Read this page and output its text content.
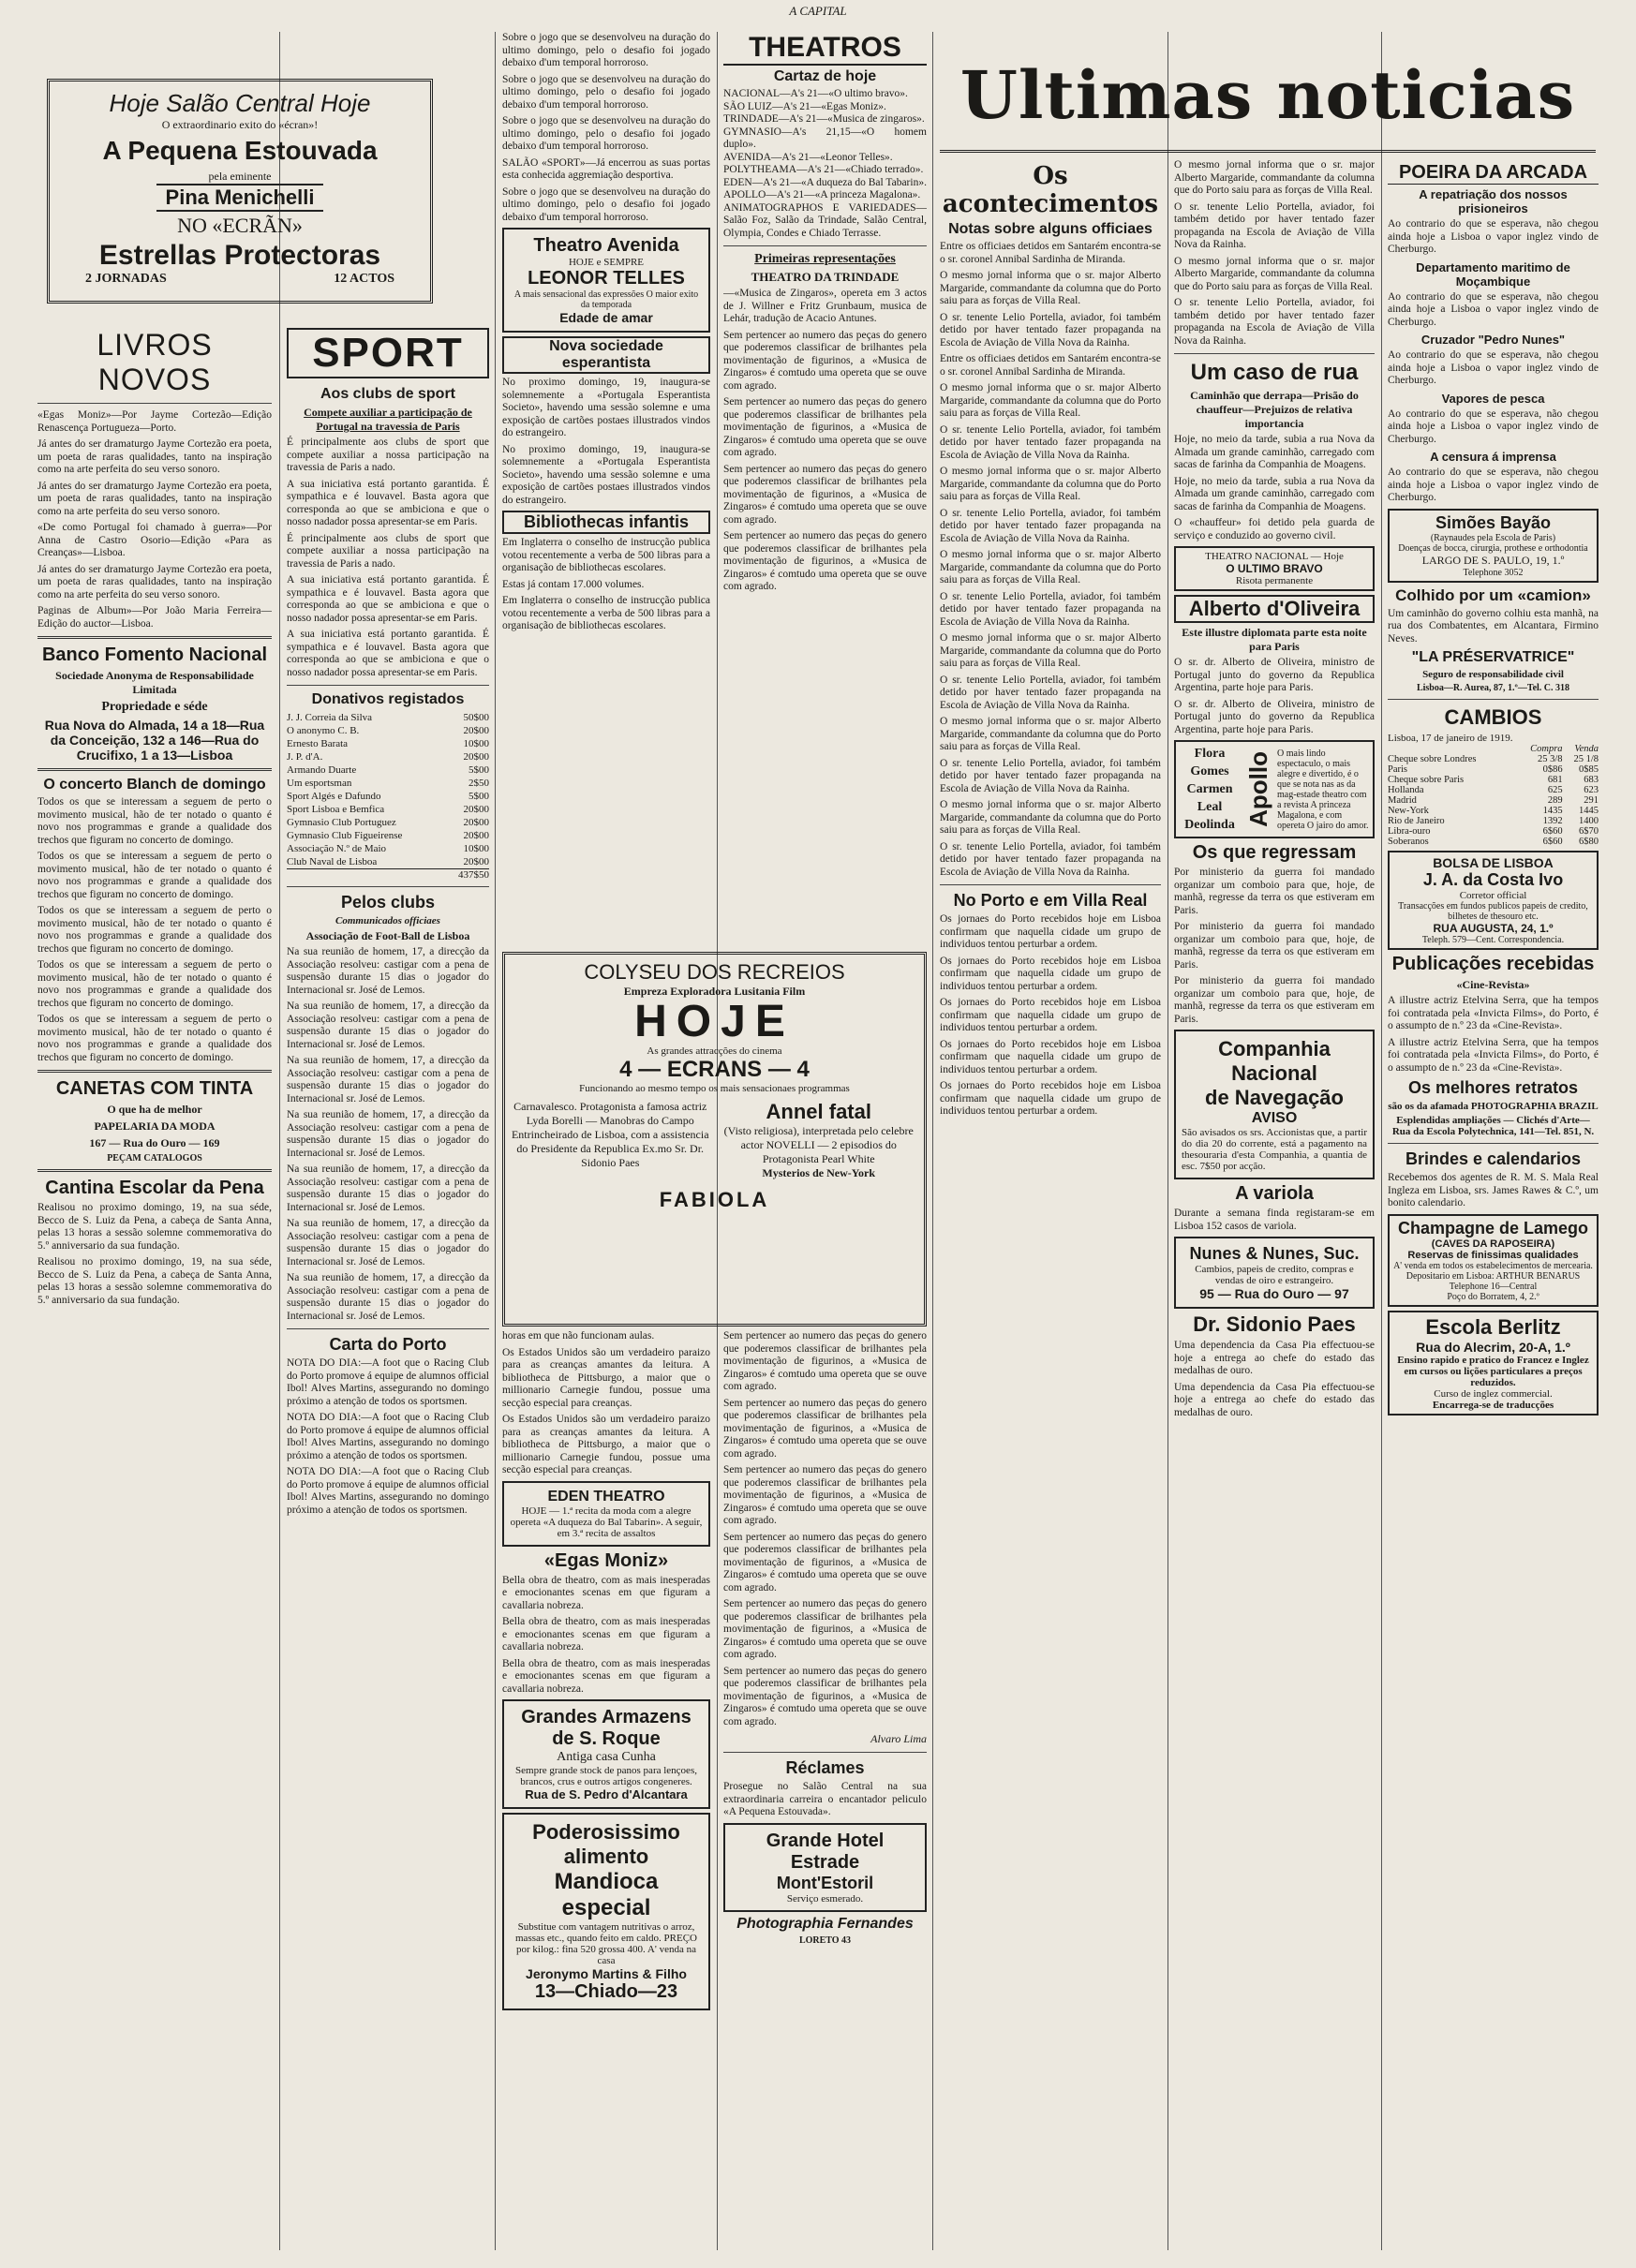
A CAPITAL
Hoje Salão Central Hoje
O extraordinario exito do «écran»!
A Pequena Estouvada
pela eminente
Pina Menichelli
NO «ECRÃN»
Estrellas Protectoras
2 JORNADAS	12 ACTOS
LIVROS NOVOS

«Egas Moniz»—Por Jayme Cortezão—Edição Renascença Portugueza—Porto.

Já antes do ser dramaturgo Jayme Cortezão era poeta, um poeta de raras qualidades, tanto na inspiração como na arte perfeita do seu verso sonoro.

Já antes do ser dramaturgo Jayme Cortezão era poeta, um poeta de raras qualidades, tanto na inspiração como na arte perfeita do seu verso sonoro.

«De como Portugal foi chamado à guerra»—Por Anna de Castro Osorio—Edição «Para as Creanças»—Lisboa.

Já antes do ser dramaturgo Jayme Cortezão era poeta, um poeta de raras qualidades, tanto na inspiração como na arte perfeita do seu verso sonoro.

Paginas de Album»—Por João Maria Ferreira—Edição do auctor—Lisboa.

Banco Fomento Nacional
Sociedade Anonyma de Responsabilidade Limitada
Propriedade e séde
Rua Nova do Almada, 14 a 18—Rua da Conceição, 132 a 146—Rua do Crucifixo, 1 a 13—Lisboa
O concerto Blanch de domingo

Todos os que se interessam a seguem de perto o movimento musical, hão de ter notado o quanto é novo nos programmas e grande a qualidade dos trechos que figuram no concerto de domingo.

Todos os que se interessam a seguem de perto o movimento musical, hão de ter notado o quanto é novo nos programmas e grande a qualidade dos trechos que figuram no concerto de domingo.

Todos os que se interessam a seguem de perto o movimento musical, hão de ter notado o quanto é novo nos programmas e grande a qualidade dos trechos que figuram no concerto de domingo.

Todos os que se interessam a seguem de perto o movimento musical, hão de ter notado o quanto é novo nos programmas e grande a qualidade dos trechos que figuram no concerto de domingo.

Todos os que se interessam a seguem de perto o movimento musical, hão de ter notado o quanto é novo nos programmas e grande a qualidade dos trechos que figuram no concerto de domingo.

CANETAS COM TINTA
O que ha de melhor
PAPELARIA DA MODA
167 — Rua do Ouro — 169
PEÇAM CATALOGOS
Cantina Escolar da Pena

Realisou no proximo domingo, 19, na sua séde, Becco de S. Luiz da Pena, a cabeça de Santa Anna, pelas 13 horas a sessão solemne commemorativa do 5.º anniversario da sua fundação.

Realisou no proximo domingo, 19, na sua séde, Becco de S. Luiz da Pena, a cabeça de Santa Anna, pelas 13 horas a sessão solemne commemorativa do 5.º anniversario da sua fundação.

SPORT
Aos clubs de sport
Compete auxiliar a participação de Portugal na travessia de Paris

É principalmente aos clubs de sport que compete auxiliar a nossa participação na travessia de Paris a nado.

A sua iniciativa está portanto garantida. É sympathica e é louvavel. Basta agora que corresponda ao que se ambiciona e que o nosso nadador possa apresentar-se em Paris.

É principalmente aos clubs de sport que compete auxiliar a nossa participação na travessia de Paris a nado.

A sua iniciativa está portanto garantida. É sympathica e é louvavel. Basta agora que corresponda ao que se ambiciona e que o nosso nadador possa apresentar-se em Paris.

A sua iniciativa está portanto garantida. É sympathica e é louvavel. Basta agora que corresponda ao que se ambiciona e que o nosso nadador possa apresentar-se em Paris.

Donativos registados
J. J. Correia da Silva	50$00
O anonymo C. B.	20$00
Ernesto Barata	10$00
J. P. d'A.	20$00
Armando Duarte	5$00
Um esportsman	2$50
Sport Algés e Dafundo	5$00
Sport Lisboa e Bemfica	20$00
Gymnasio Club Portuguez	20$00
Gymnasio Club Figueirense	20$00
Associação N.º de Maio	10$00
Club Naval de Lisboa	20$00
437$50
Pelos clubs
Communicados officiaes
Associação de Foot-Ball de Lisboa

Na sua reunião de homem, 17, a direcção da Associação resolveu: castigar com a pena de suspensão durante 15 dias o jogador do Internacional sr. José de Lemos.

Na sua reunião de homem, 17, a direcção da Associação resolveu: castigar com a pena de suspensão durante 15 dias o jogador do Internacional sr. José de Lemos.

Na sua reunião de homem, 17, a direcção da Associação resolveu: castigar com a pena de suspensão durante 15 dias o jogador do Internacional sr. José de Lemos.

Na sua reunião de homem, 17, a direcção da Associação resolveu: castigar com a pena de suspensão durante 15 dias o jogador do Internacional sr. José de Lemos.

Na sua reunião de homem, 17, a direcção da Associação resolveu: castigar com a pena de suspensão durante 15 dias o jogador do Internacional sr. José de Lemos.

Na sua reunião de homem, 17, a direcção da Associação resolveu: castigar com a pena de suspensão durante 15 dias o jogador do Internacional sr. José de Lemos.

Na sua reunião de homem, 17, a direcção da Associação resolveu: castigar com a pena de suspensão durante 15 dias o jogador do Internacional sr. José de Lemos.

Carta do Porto

NOTA DO DIA:—A foot que o Racing Club do Porto promove á equipe de alumnos official Ibol! Alves Martins, assegurando no domingo próximo a atenção de todos os sportsmen.

NOTA DO DIA:—A foot que o Racing Club do Porto promove á equipe de alumnos official Ibol! Alves Martins, assegurando no domingo próximo a atenção de todos os sportsmen.

NOTA DO DIA:—A foot que o Racing Club do Porto promove á equipe de alumnos official Ibol! Alves Martins, assegurando no domingo próximo a atenção de todos os sportsmen.

Sobre o jogo que se desenvolveu na duração do ultimo domingo, pelo o desafio foi jogado debaixo d'um temporal horroroso.

Sobre o jogo que se desenvolveu na duração do ultimo domingo, pelo o desafio foi jogado debaixo d'um temporal horroroso.

Sobre o jogo que se desenvolveu na duração do ultimo domingo, pelo o desafio foi jogado debaixo d'um temporal horroroso.

SALÃO «SPORT»—Já encerrou as suas portas esta conhecida aggremiação desportiva.

Sobre o jogo que se desenvolveu na duração do ultimo domingo, pelo o desafio foi jogado debaixo d'um temporal horroroso.

Theatro Avenida
HOJE e SEMPRE
LEONOR TELLES
A mais sensacional das expressões O maior exito da temporada
Edade de amar
Nova sociedade esperantista

No proximo domingo, 19, inaugura-se solemnemente a «Portugala Esperantista Societo», havendo uma sessão solemne e uma exposição de cartões postaes illustrados vindos do estrangeiro.

No proximo domingo, 19, inaugura-se solemnemente a «Portugala Esperantista Societo», havendo uma sessão solemne e uma exposição de cartões postaes illustrados vindos do estrangeiro.

Bibliothecas infantis

Em Inglaterra o conselho de instrucção publica votou recentemente a verba de 500 libras para a organisação de bibliothecas escolares.

Estas já contam 17.000 volumes.

Em Inglaterra o conselho de instrucção publica votou recentemente a verba de 500 libras para a organisação de bibliothecas escolares.

COLYSEU DOS RECREIOS
Empreza Exploradora Lusitania Film
HOJE
As grandes attracções do cinema
4 — ECRANS — 4
Funcionando ao mesmo tempo os mais sensacionaes programmas
Carnavalesco. Protagonista a famosa actriz Lyda Borelli — Manobras do Campo Entrincheirado de Lisboa, com a assistencia do Presidente da Republica Ex.mo Sr. Dr. Sidonio Paes
Annel fatal
(Visto religiosa), interpretada pelo celebre actor NOVELLI — 2 episodios do Protagonista Pearl White
Mysterios de New-York
FABIOLA

horas em que não funcionam aulas.

Os Estados Unidos são um verdadeiro paraizo para as creanças amantes da leitura. A bibliotheca de Pittsburgo, a maior que o millionario Carnegie fundou, possue uma secção especial para creanças.

Os Estados Unidos são um verdadeiro paraizo para as creanças amantes da leitura. A bibliotheca de Pittsburgo, a maior que o millionario Carnegie fundou, possue uma secção especial para creanças.

EDEN THEATRO
HOJE — 1.ª recita da moda com a alegre opereta «A duqueza do Bal Tabarin». A seguir, em 3.ª recita de assaltos
«Egas Moniz»

Bella obra de theatro, com as mais inesperadas e emocionantes scenas em que figuram a cavallaria nobreza.

Bella obra de theatro, com as mais inesperadas e emocionantes scenas em que figuram a cavallaria nobreza.

Bella obra de theatro, com as mais inesperadas e emocionantes scenas em que figuram a cavallaria nobreza.

Grandes Armazens de S. Roque
Antiga casa Cunha
Sempre grande stock de panos para lençoes, brancos, crus e outros artigos congeneres.
Rua de S. Pedro d'Alcantara
Poderosissimo
alimento
Mandioca especial
Substitue com vantagem nutritivas o arroz, massas etc., quando feito em caldo. PREÇO por kilog.: fina 520 grossa 400. A' venda na casa
Jeronymo Martins & Filho
13—Chiado—23
THEATROS
Cartaz de hoje

NACIONAL—A's 21—«O ultimo bravo».

SÃO LUIZ—A's 21—«Egas Moniz».

TRINDADE—A's 21—«Musica de zingaros».

GYMNASIO—A's 21,15—«O homem duplo».

AVENIDA—A's 21—«Leonor Telles».

POLYTHEAMA—A's 21—«Chiado terrado».

EDEN—A's 21—«A duqueza do Bal Tabarin».

APOLLO—A's 21—«A princeza Magalona».

ANIMATOGRAPHOS E VARIEDADES—Salão Foz, Salão da Trindade, Salão Central, Olympia, Condes e Chiado Terrasse.

Primeiras representações
THEATRO DA TRINDADE

—«Musica de Zingaros», opereta em 3 actos de J. Willner e Fritz Grunbaum, musica de Lehár, tradução de Acacio Antunes.

Sem pertencer ao numero das peças do genero que poderemos classificar de brilhantes pela movimentação de figurinos, a «Musica de Zingaros» é comtudo uma opereta que se ouve com agrado.

Sem pertencer ao numero das peças do genero que poderemos classificar de brilhantes pela movimentação de figurinos, a «Musica de Zingaros» é comtudo uma opereta que se ouve com agrado.

Sem pertencer ao numero das peças do genero que poderemos classificar de brilhantes pela movimentação de figurinos, a «Musica de Zingaros» é comtudo uma opereta que se ouve com agrado.

Sem pertencer ao numero das peças do genero que poderemos classificar de brilhantes pela movimentação de figurinos, a «Musica de Zingaros» é comtudo uma opereta que se ouve com agrado.

Sem pertencer ao numero das peças do genero que poderemos classificar de brilhantes pela movimentação de figurinos, a «Musica de Zingaros» é comtudo uma opereta que se ouve com agrado.

Sem pertencer ao numero das peças do genero que poderemos classificar de brilhantes pela movimentação de figurinos, a «Musica de Zingaros» é comtudo uma opereta que se ouve com agrado.

Sem pertencer ao numero das peças do genero que poderemos classificar de brilhantes pela movimentação de figurinos, a «Musica de Zingaros» é comtudo uma opereta que se ouve com agrado.

Sem pertencer ao numero das peças do genero que poderemos classificar de brilhantes pela movimentação de figurinos, a «Musica de Zingaros» é comtudo uma opereta que se ouve com agrado.

Sem pertencer ao numero das peças do genero que poderemos classificar de brilhantes pela movimentação de figurinos, a «Musica de Zingaros» é comtudo uma opereta que se ouve com agrado.

Sem pertencer ao numero das peças do genero que poderemos classificar de brilhantes pela movimentação de figurinos, a «Musica de Zingaros» é comtudo uma opereta que se ouve com agrado.

Alvaro Lima
Réclames

Prosegue no Salão Central na sua extraordinaria carreira o encantador peliculo «A Pequena Estouvada».

Grande Hotel Estrade
Mont'Estoril
Serviço esmerado.
Photographia Fernandes
LORETO 43
Ultimas noticias
Os acontecimentos
Notas sobre alguns officiaes

Entre os officiaes detidos em Santarém encontra-se o sr. coronel Annibal Sardinha de Miranda.

O mesmo jornal informa que o sr. major Alberto Margaride, commandante da columna que do Porto saiu para as forças de Villa Real.

O sr. tenente Lelio Portella, aviador, foi também detido por haver tentado fazer propaganda na Escola de Aviação de Villa Nova da Rainha.

Entre os officiaes detidos em Santarém encontra-se o sr. coronel Annibal Sardinha de Miranda.

O mesmo jornal informa que o sr. major Alberto Margaride, commandante da columna que do Porto saiu para as forças de Villa Real.

O sr. tenente Lelio Portella, aviador, foi também detido por haver tentado fazer propaganda na Escola de Aviação de Villa Nova da Rainha.

O mesmo jornal informa que o sr. major Alberto Margaride, commandante da columna que do Porto saiu para as forças de Villa Real.

O sr. tenente Lelio Portella, aviador, foi também detido por haver tentado fazer propaganda na Escola de Aviação de Villa Nova da Rainha.

O mesmo jornal informa que o sr. major Alberto Margaride, commandante da columna que do Porto saiu para as forças de Villa Real.

O sr. tenente Lelio Portella, aviador, foi também detido por haver tentado fazer propaganda na Escola de Aviação de Villa Nova da Rainha.

O mesmo jornal informa que o sr. major Alberto Margaride, commandante da columna que do Porto saiu para as forças de Villa Real.

O sr. tenente Lelio Portella, aviador, foi também detido por haver tentado fazer propaganda na Escola de Aviação de Villa Nova da Rainha.

O mesmo jornal informa que o sr. major Alberto Margaride, commandante da columna que do Porto saiu para as forças de Villa Real.

O sr. tenente Lelio Portella, aviador, foi também detido por haver tentado fazer propaganda na Escola de Aviação de Villa Nova da Rainha.

O mesmo jornal informa que o sr. major Alberto Margaride, commandante da columna que do Porto saiu para as forças de Villa Real.

O sr. tenente Lelio Portella, aviador, foi também detido por haver tentado fazer propaganda na Escola de Aviação de Villa Nova da Rainha.

No Porto e em Villa Real

Os jornaes do Porto recebidos hoje em Lisboa confirmam que naquella cidade um grupo de individuos tentou perturbar a ordem.

Os jornaes do Porto recebidos hoje em Lisboa confirmam que naquella cidade um grupo de individuos tentou perturbar a ordem.

Os jornaes do Porto recebidos hoje em Lisboa confirmam que naquella cidade um grupo de individuos tentou perturbar a ordem.

Os jornaes do Porto recebidos hoje em Lisboa confirmam que naquella cidade um grupo de individuos tentou perturbar a ordem.

Os jornaes do Porto recebidos hoje em Lisboa confirmam que naquella cidade um grupo de individuos tentou perturbar a ordem.

O mesmo jornal informa que o sr. major Alberto Margaride, commandante da columna que do Porto saiu para as forças de Villa Real.

O sr. tenente Lelio Portella, aviador, foi também detido por haver tentado fazer propaganda na Escola de Aviação de Villa Nova da Rainha.

O mesmo jornal informa que o sr. major Alberto Margaride, commandante da columna que do Porto saiu para as forças de Villa Real.

O sr. tenente Lelio Portella, aviador, foi também detido por haver tentado fazer propaganda na Escola de Aviação de Villa Nova da Rainha.

Um caso de rua
Caminhão que derrapa—Prisão do chauffeur—Prejuizos de relativa importancia

Hoje, no meio da tarde, subia a rua Nova da Almada um grande caminhão, carregado com sacas de farinha da Companhia de Moagens.

Hoje, no meio da tarde, subia a rua Nova da Almada um grande caminhão, carregado com sacas de farinha da Companhia de Moagens.

O «chauffeur» foi detido pela guarda de serviço e conduzido ao governo civil.

THEATRO NACIONAL — Hoje
O ULTIMO BRAVO
Risota permanente
Alberto d'Oliveira
Este illustre diplomata parte esta noite para Paris

O sr. dr. Alberto de Oliveira, ministro de Portugal junto do governo da Republica Argentina, parte hoje para Paris.

O sr. dr. Alberto de Oliveira, ministro de Portugal junto do governo da Republica Argentina, parte hoje para Paris.

Flora
Gomes
Carmen
Leal
Deolinda Apollo O mais lindo espectaculo, o mais alegre e divertido, é o que se nota nas as da mag-estade theatro com a revista A princeza Magalona, e com opereta O jairo do amor.
Os que regressam

Por ministerio da guerra foi mandado organizar um comboio para que, hoje, de manhã, regresse da terra os que estiveram em Paris.

Por ministerio da guerra foi mandado organizar um comboio para que, hoje, de manhã, regresse da terra os que estiveram em Paris.

Por ministerio da guerra foi mandado organizar um comboio para que, hoje, de manhã, regresse da terra os que estiveram em Paris.

Companhia Nacional
de Navegação
AVISO
São avisados os srs. Accionistas que, a partir do dia 20 do corrente, está a pagamento na thesouraria d'esta Companhia, a quantia de esc. 7$50 por acção.
A variola

Durante a semana finda registaram-se em Lisboa 152 casos de variola.

Nunes & Nunes, Suc.
Cambios, papeis de credito, compras e vendas de oiro e estrangeiro.
95 — Rua do Ouro — 97
Dr. Sidonio Paes

Uma dependencia da Casa Pia effectuou-se hoje a entrega ao chefe do estado das medalhas de ouro.

Uma dependencia da Casa Pia effectuou-se hoje a entrega ao chefe do estado das medalhas de ouro.

POEIRA DA ARCADA
A repatriação dos nossos prisioneiros

Ao contrario do que se esperava, não chegou ainda hoje a Lisboa o vapor inglez vindo de Cherburgo.

Departamento maritimo de Moçambique

Ao contrario do que se esperava, não chegou ainda hoje a Lisboa o vapor inglez vindo de Cherburgo.

Cruzador "Pedro Nunes"

Ao contrario do que se esperava, não chegou ainda hoje a Lisboa o vapor inglez vindo de Cherburgo.

Vapores de pesca

Ao contrario do que se esperava, não chegou ainda hoje a Lisboa o vapor inglez vindo de Cherburgo.

A censura á imprensa

Ao contrario do que se esperava, não chegou ainda hoje a Lisboa o vapor inglez vindo de Cherburgo.

Simões Bayão
(Raynaudes pela Escola de Paris)
Doenças de bocca, cirurgia, prothese e orthodontia
LARGO DE S. PAULO, 19, 1.º
Telephone 3052
Colhido por um «camion»

Um caminhão do governo colhiu esta manhã, na rua dos Combatentes, em Alcantara, Firmino Neves.

"LA PRÉSERVATRICE"
Seguro de responsabilidade civil
Lisboa—R. Aurea, 87, 1.º—Tel. C. 318
CAMBIOS
Lisboa, 17 de janeiro de 1919.
	Compra	Venda
Cheque sobre Londres	25 3/8	25 1/8
Paris	0$86	0$85
Cheque sobre Paris	681	683
Hollanda	625	623
Madrid	289	291
New-York	1435	1445
Rio de Janeiro	1392	1400
Libra-ouro	6$60	6$70
Soberanos	6$60	6$80
BOLSA DE LISBOA
J. A. da Costa Ivo
Corretor official
Transacções em fundos publicos papeis de credito, bilhetes de thesouro etc.
RUA AUGUSTA, 24, 1.º
Teleph. 579—Cent. Correspondencia.
Publicações recebidas
«Cine-Revista»

A illustre actriz Etelvina Serra, que ha tempos foi contratada pela «Invicta Films», do Porto, é o assumpto de n.º 23 da «Cine-Revista».

A illustre actriz Etelvina Serra, que ha tempos foi contratada pela «Invicta Films», do Porto, é o assumpto de n.º 23 da «Cine-Revista».

Os melhores retratos
são os da afamada PHOTOGRAPHIA BRAZIL
Esplendidas ampliações — Clichés d'Arte—Rua da Escola Polytechnica, 141—Tel. 851, N.
Brindes e calendarios

Recebemos dos agentes de R. M. S. Mala Real Ingleza em Lisboa, srs. James Rawes & C.º, um bonito calendario.

Champagne de Lamego
(CAVES DA RAPOSEIRA)
Reservas de finissimas qualidades
A' venda em todos os estabelecimentos de mercearia. Depositario em Lisboa: ARTHUR BENARUS
Telephone 16—Central
Poço do Borratem, 4, 2.º
Escola Berlitz
Rua do Alecrim, 20-A, 1.º
Ensino rapido e pratico do Francez e Inglez em cursos ou lições particulares a preços reduzidos.
Curso de inglez commercial.
Encarrega-se de traducções
